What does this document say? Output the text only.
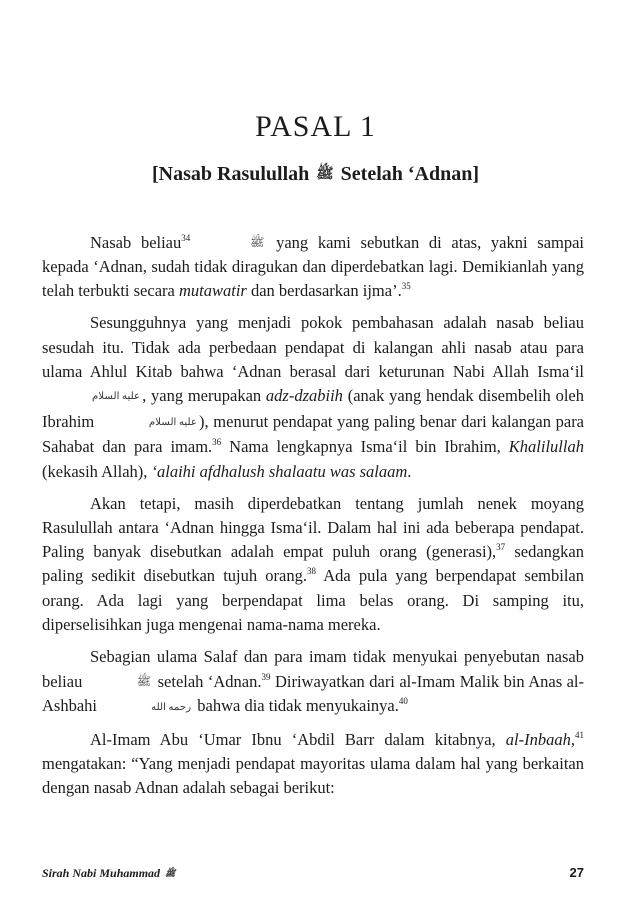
PASAL 1
[Nasab Rasulullah ﷺ Setelah ‘Adnan]

Nasab beliau$^{34}$	ﷺ yang kami sebutkan di atas, yakni sampai kepada ‘Adnan, sudah tidak diragukan dan diperdebatkan lagi. Demikianlah yang telah terbukti secara mutawatir dan berdasarkan ijma’.$^{35}$

Sesungguhnya yang menjadi pokok pembahasan adalah nasab beliau sesudah itu. Tidak ada perbedaan pendapat di kalangan ahli nasab atau para ulama Ahlul Kitab bahwa ‘Adnan berasal dari keturunan Nabi Allah Isma‘il عليه السلام , yang merupakan adz-dzabiih (anak yang hendak disembelih oleh Ibrahim	عليه السلام ), menurut pendapat yang paling benar dari kalangan para Sahabat dan para imam.$^{36}$ Nama lengkapnya Isma‘il bin Ibrahim, Khalilullah (kekasih Allah), ‘alaihi afdhalush shalaatu was salaam.

Akan tetapi, masih diperdebatkan tentang jumlah nenek moyang Rasulullah antara ‘Adnan hingga Isma‘il. Dalam hal ini ada beberapa pendapat. Paling banyak disebutkan adalah empat puluh orang (generasi),$^{37}$ sedangkan paling sedikit disebutkan tujuh orang.$^{38}$ Ada pula yang berpendapat sembilan orang. Ada lagi yang berpendapat lima belas orang. Di samping itu, diperselisihkan juga mengenai nama-nama mereka.

Sebagian ulama Salaf dan para imam tidak menyukai penyebutan nasab beliau	ﷺ setelah ‘Adnan.$^{39}$ Diriwayatkan dari al-Imam Malik bin Anas al-Ashbahi	رحمه الله bahwa dia tidak menyukainya.$^{40}$

Al-Imam Abu ‘Umar Ibnu ‘Abdil Barr dalam kitabnya, al-Inbaah,$^{41}$ mengatakan: “Yang menjadi pendapat mayoritas ulama dalam hal yang berkaitan dengan nasab Adnan adalah sebagai berikut:

Sirah Nabi Muhammad ﷺ	27
